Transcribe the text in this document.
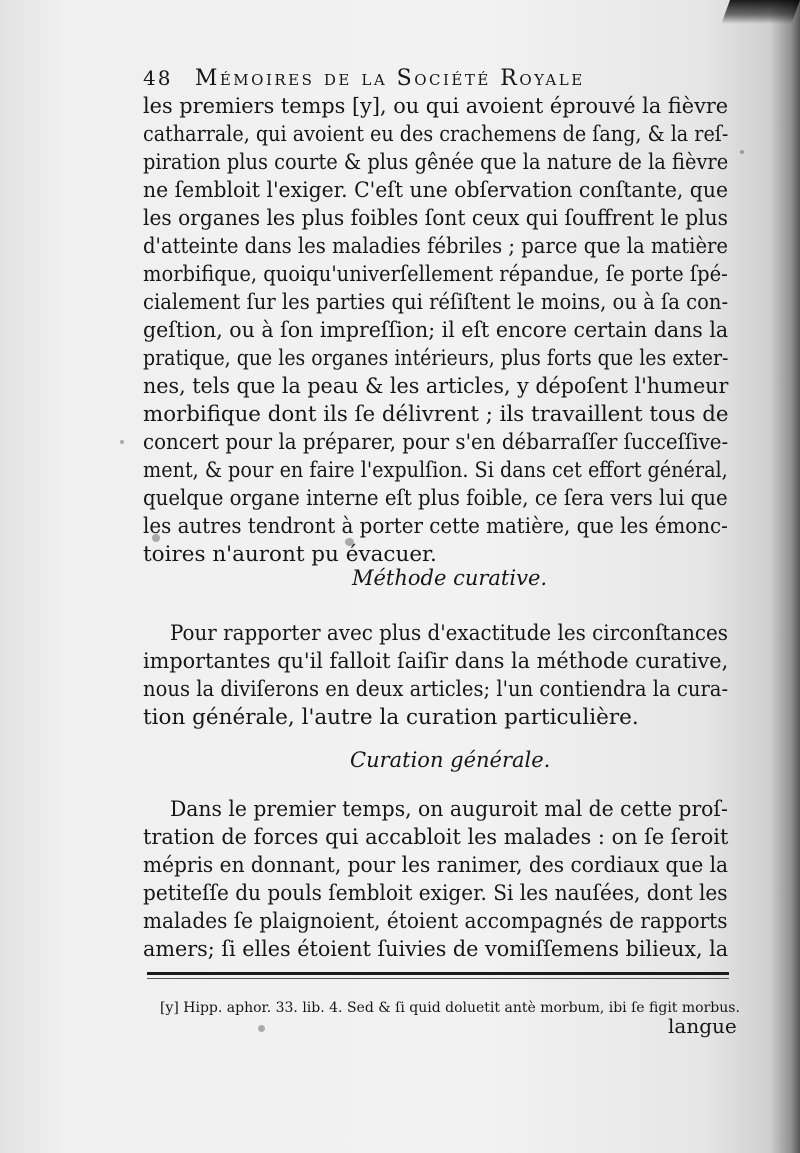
48 Mémoires de la Société Royale
les premiers temps [y], ou qui avoient éprouvé la fièvre
catharrale, qui avoient eu des crachemens de ſang, & la reſ-
piration plus courte & plus gênée que la nature de la fièvre
ne ſembloit l'exiger. C'eſt une obſervation conſtante, que
les organes les plus foibles ſont ceux qui ſouffrent le plus
d'atteinte dans les maladies fébriles ; parce que la matière
morbifique, quoiqu'univerſellement répandue, ſe porte ſpé-
cialement ſur les parties qui réſiſtent le moins, ou à ſa con-
geſtion, ou à ſon impreſſion; il eſt encore certain dans la
pratique, que les organes intérieurs, plus forts que les exter-
nes, tels que la peau & les articles, y dépoſent l'humeur
morbifique dont ils ſe délivrent ; ils travaillent tous de
concert pour la préparer, pour s'en débarraſſer ſucceſſive-
ment, & pour en faire l'expulſion. Si dans cet effort général,
quelque organe interne eſt plus foible, ce ſera vers lui que
les autres tendront à porter cette matière, que les émonc-
toires n'auront pu évacuer.
Méthode curative.
Pour rapporter avec plus d'exactitude les circonſtances
importantes qu'il falloit ſaiſir dans la méthode curative,
nous la diviſerons en deux articles; l'un contiendra la cura-
tion générale, l'autre la curation particulière.
Curation générale.
Dans le premier temps, on auguroit mal de cette proſ-
tration de forces qui accabloit les malades : on ſe ſeroit
mépris en donnant, pour les ranimer, des cordiaux que la
petiteſſe du pouls ſembloit exiger. Si les nauſées, dont les
malades ſe plaignoient, étoient accompagnés de rapports
amers; ſi elles étoient ſuivies de vomiſſemens bilieux, la
[y] Hipp. aphor. 33. lib. 4. Sed & ſi quid doluetit antè morbum, ibi ſe figit morbus.
langue
